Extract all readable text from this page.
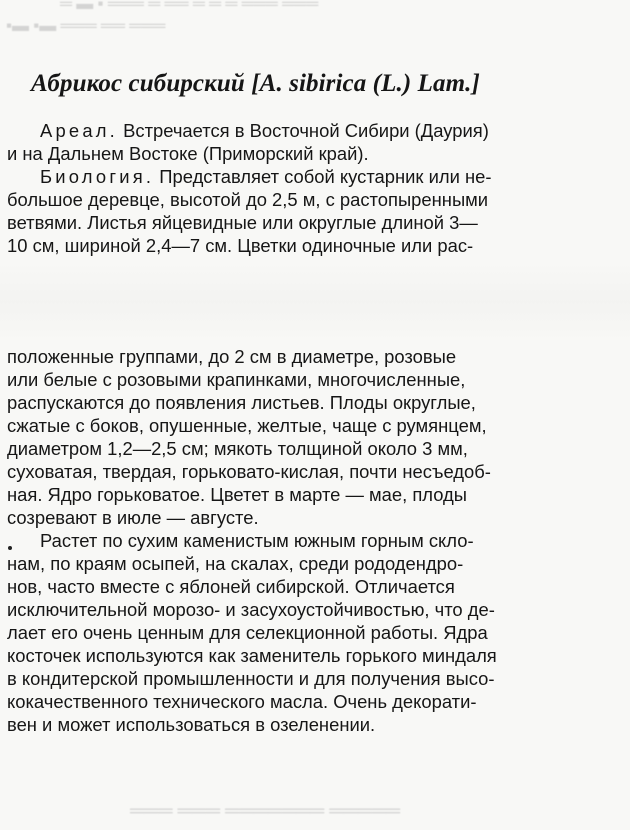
═ ▬ ▪ ═══ ═ ══ ═ ═ ═ ═══ ═══
▪▬ ▪▬ ═══ ══ ═══
Абрикос сибирский [A. sibirica (L.) Lam.]
Ареал. Встречается в Восточной Сибири (Даурия)
и на Дальнем Востоке (Приморский край).
Биология. Представляет собой кустарник или не-
большое деревце, высотой до 2,5 м, с растопыренными
ветвями. Листья яйцевидные или округлые длиной 3—
10 см, шириной 2,4—7 см. Цветки одиночные или рас-
положенные группами, до 2 см в диаметре, розовые
или белые с розовыми крапинками, многочисленные,
распускаются до появления листьев. Плоды округлые,
сжатые с боков, опушенные, желтые, чаще с румянцем,
диаметром 1,2—2,5 см; мякоть толщиной около 3 мм,
суховатая, твердая, горьковато-кислая, почти несъедоб-
ная. Ядро горьковатое. Цветет в марте — мае, плоды
созревают в июле — августе.
Растет по сухим каменистым южным горным скло-
нам, по краям осыпей, на скалах, среди рододендро-
нов, часто вместе с яблоней сибирской. Отличается
исключительной морозо- и засухоустойчивостью, что де-
лает его очень ценным для селекционной работы. Ядра
косточек используются как заменитель горького миндаля
в кондитерской промышленности и для получения высо-
кокачественного технического масла. Очень декорати-
вен и может использоваться в озеленении.
═══ ═══ ═══════ ═════
